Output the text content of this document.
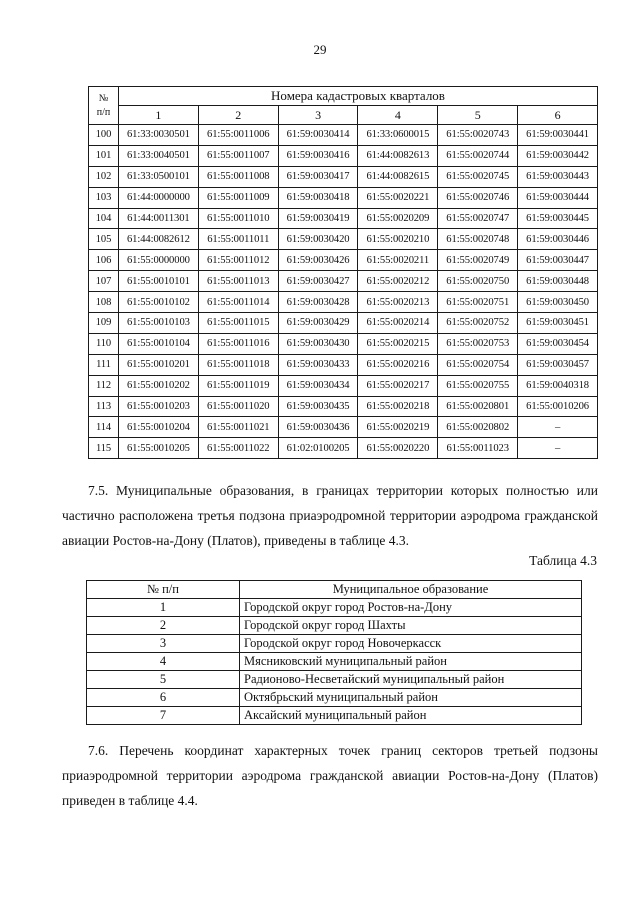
29
№
п/п	Номера кадастровых кварталов					
	1	2	3	4	5	6
100	61:33:0030501	61:55:0011006	61:59:0030414	61:33:0600015	61:55:0020743	61:59:0030441
101	61:33:0040501	61:55:0011007	61:59:0030416	61:44:0082613	61:55:0020744	61:59:0030442
102	61:33:0500101	61:55:0011008	61:59:0030417	61:44:0082615	61:55:0020745	61:59:0030443
103	61:44:0000000	61:55:0011009	61:59:0030418	61:55:0020221	61:55:0020746	61:59:0030444
104	61:44:0011301	61:55:0011010	61:59:0030419	61:55:0020209	61:55:0020747	61:59:0030445
105	61:44:0082612	61:55:0011011	61:59:0030420	61:55:0020210	61:55:0020748	61:59:0030446
106	61:55:0000000	61:55:0011012	61:59:0030426	61:55:0020211	61:55:0020749	61:59:0030447
107	61:55:0010101	61:55:0011013	61:59:0030427	61:55:0020212	61:55:0020750	61:59:0030448
108	61:55:0010102	61:55:0011014	61:59:0030428	61:55:0020213	61:55:0020751	61:59:0030450
109	61:55:0010103	61:55:0011015	61:59:0030429	61:55:0020214	61:55:0020752	61:59:0030451
110	61:55:0010104	61:55:0011016	61:59:0030430	61:55:0020215	61:55:0020753	61:59:0030454
111	61:55:0010201	61:55:0011018	61:59:0030433	61:55:0020216	61:55:0020754	61:59:0030457
112	61:55:0010202	61:55:0011019	61:59:0030434	61:55:0020217	61:55:0020755	61:59:0040318
113	61:55:0010203	61:55:0011020	61:59:0030435	61:55:0020218	61:55:0020801	61:55:0010206
114	61:55:0010204	61:55:0011021	61:59:0030436	61:55:0020219	61:55:0020802	–
115	61:55:0010205	61:55:0011022	61:02:0100205	61:55:0020220	61:55:0011023	–
7.5. Муниципальные образования, в границах территории которых полностью или частично расположена третья подзона приаэродромной территории аэродрома гражданской авиации Ростов-на-Дону (Платов), приведены в таблице 4.3.
Таблица 4.3
№ п/п	Муниципальное образование
1	Городской округ город Ростов-на-Дону
2	Городской округ город Шахты
3	Городской округ город Новочеркасск
4	Мясниковский муниципальный район
5	Радионово-Несветайский муниципальный район
6	Октябрьский муниципальный район
7	Аксайский муниципальный район
7.6. Перечень координат характерных точек границ секторов третьей подзоны приаэродромной территории аэродрома гражданской авиации Ростов-на-Дону (Платов) приведен в таблице 4.4.
